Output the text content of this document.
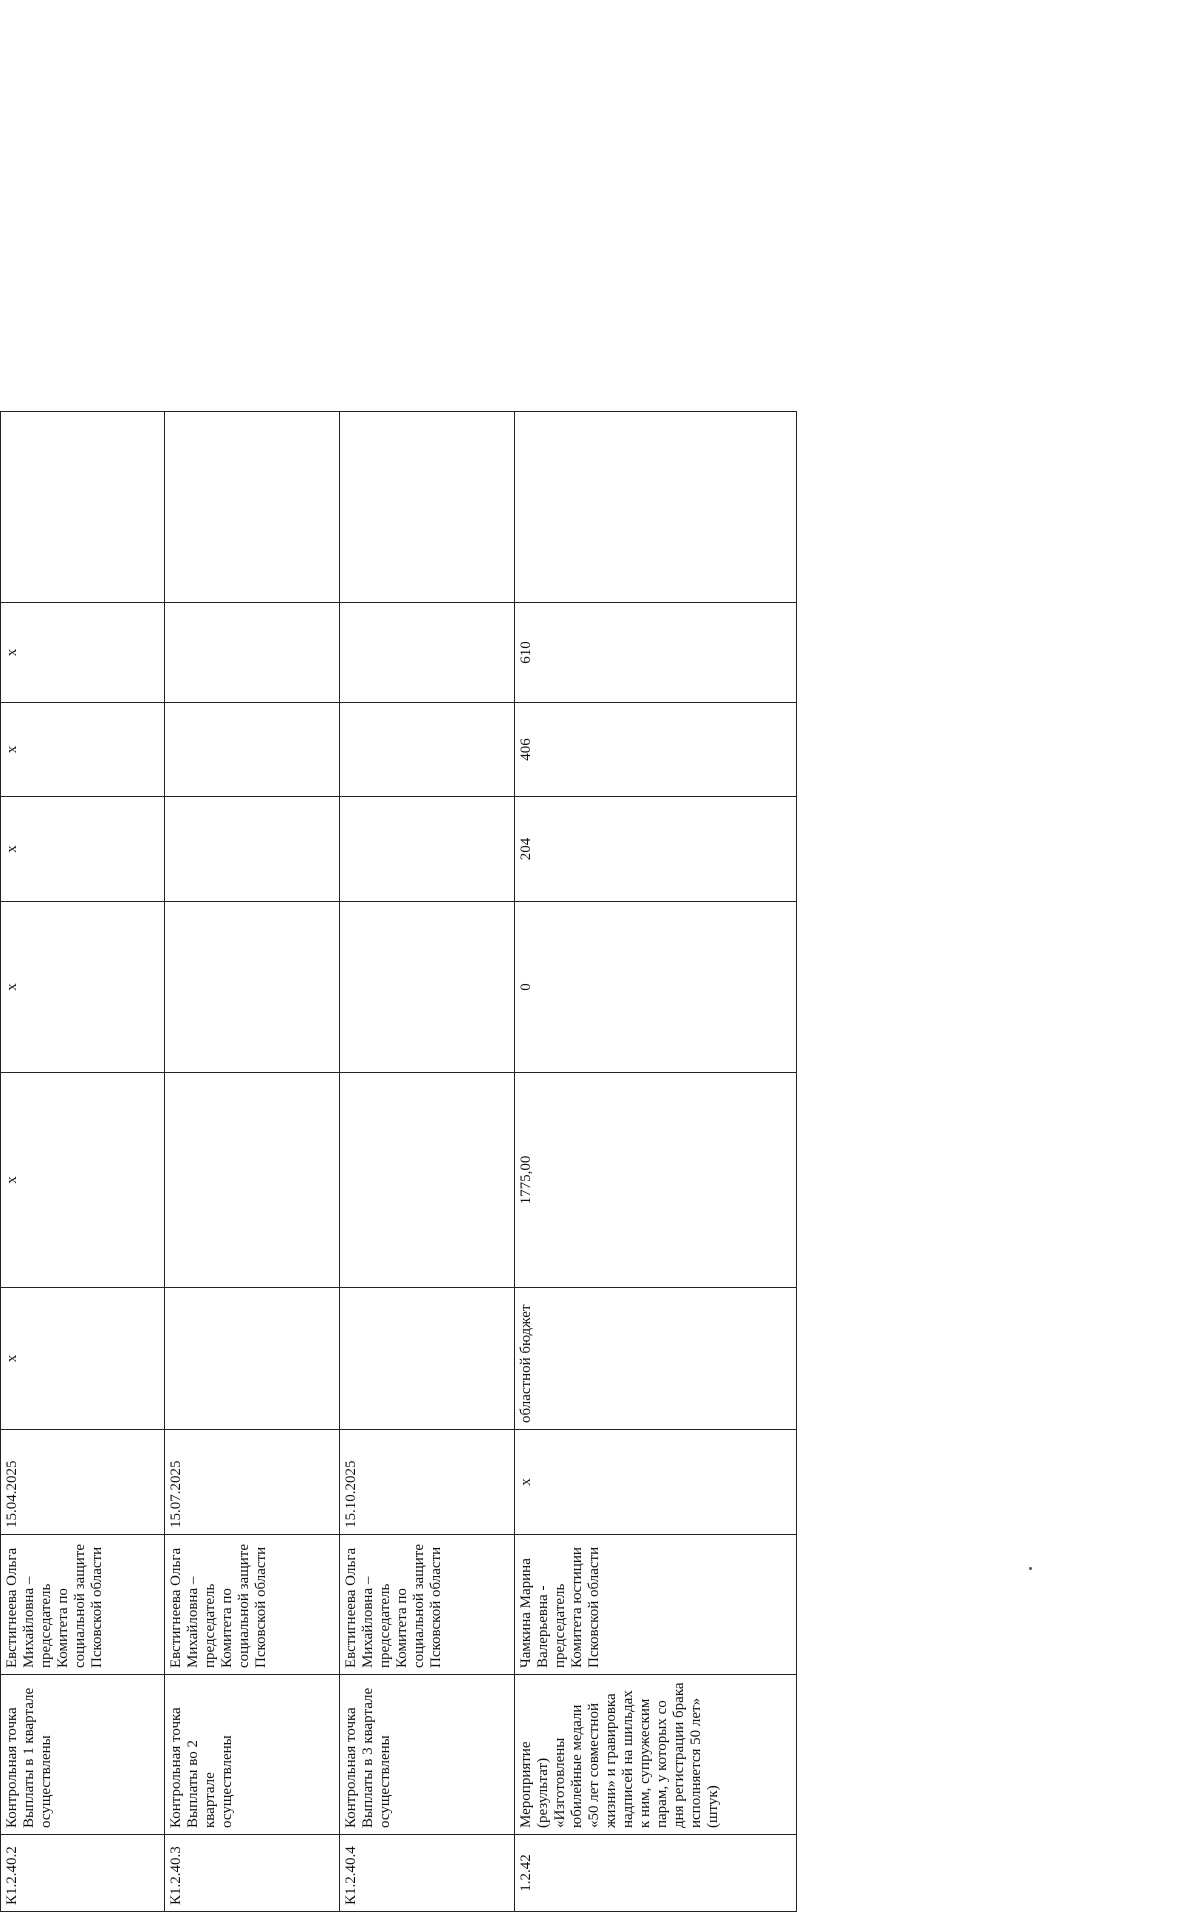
К1.2.40.2	Контрольная точка Выплаты в 1 квартале осуществлены	Евстигнеева Ольга Михайловна – председатель Комитета по социальной защите Псковской области	15.04.2025	х	х	х	х	х	х	
К1.2.40.3	Контрольная точка Выплаты во 2 квартале осуществлены	Евстигнеева Ольга Михайловна – председатель Комитета по социальной защите Псковской области	15.07.2025							
К1.2.40.4	Контрольная точка Выплаты в 3 квартале осуществлены	Евстигнеева Ольга Михайловна – председатель Комитета по социальной защите Псковской области	15.10.2025							
1.2.42	Мероприятие (результат) «Изготовлены юбилейные медали «50 лет совместной жизни» и гравировка надписей на шильдах к ним, супружеским парам, у которых со дня регистрации брака исполняется 50 лет» (штук)	Чамкина Марина Валерьевна - председатель Комитета юстиции Псковской области	х	областной бюджет	1775,00	0	204	406	610	
